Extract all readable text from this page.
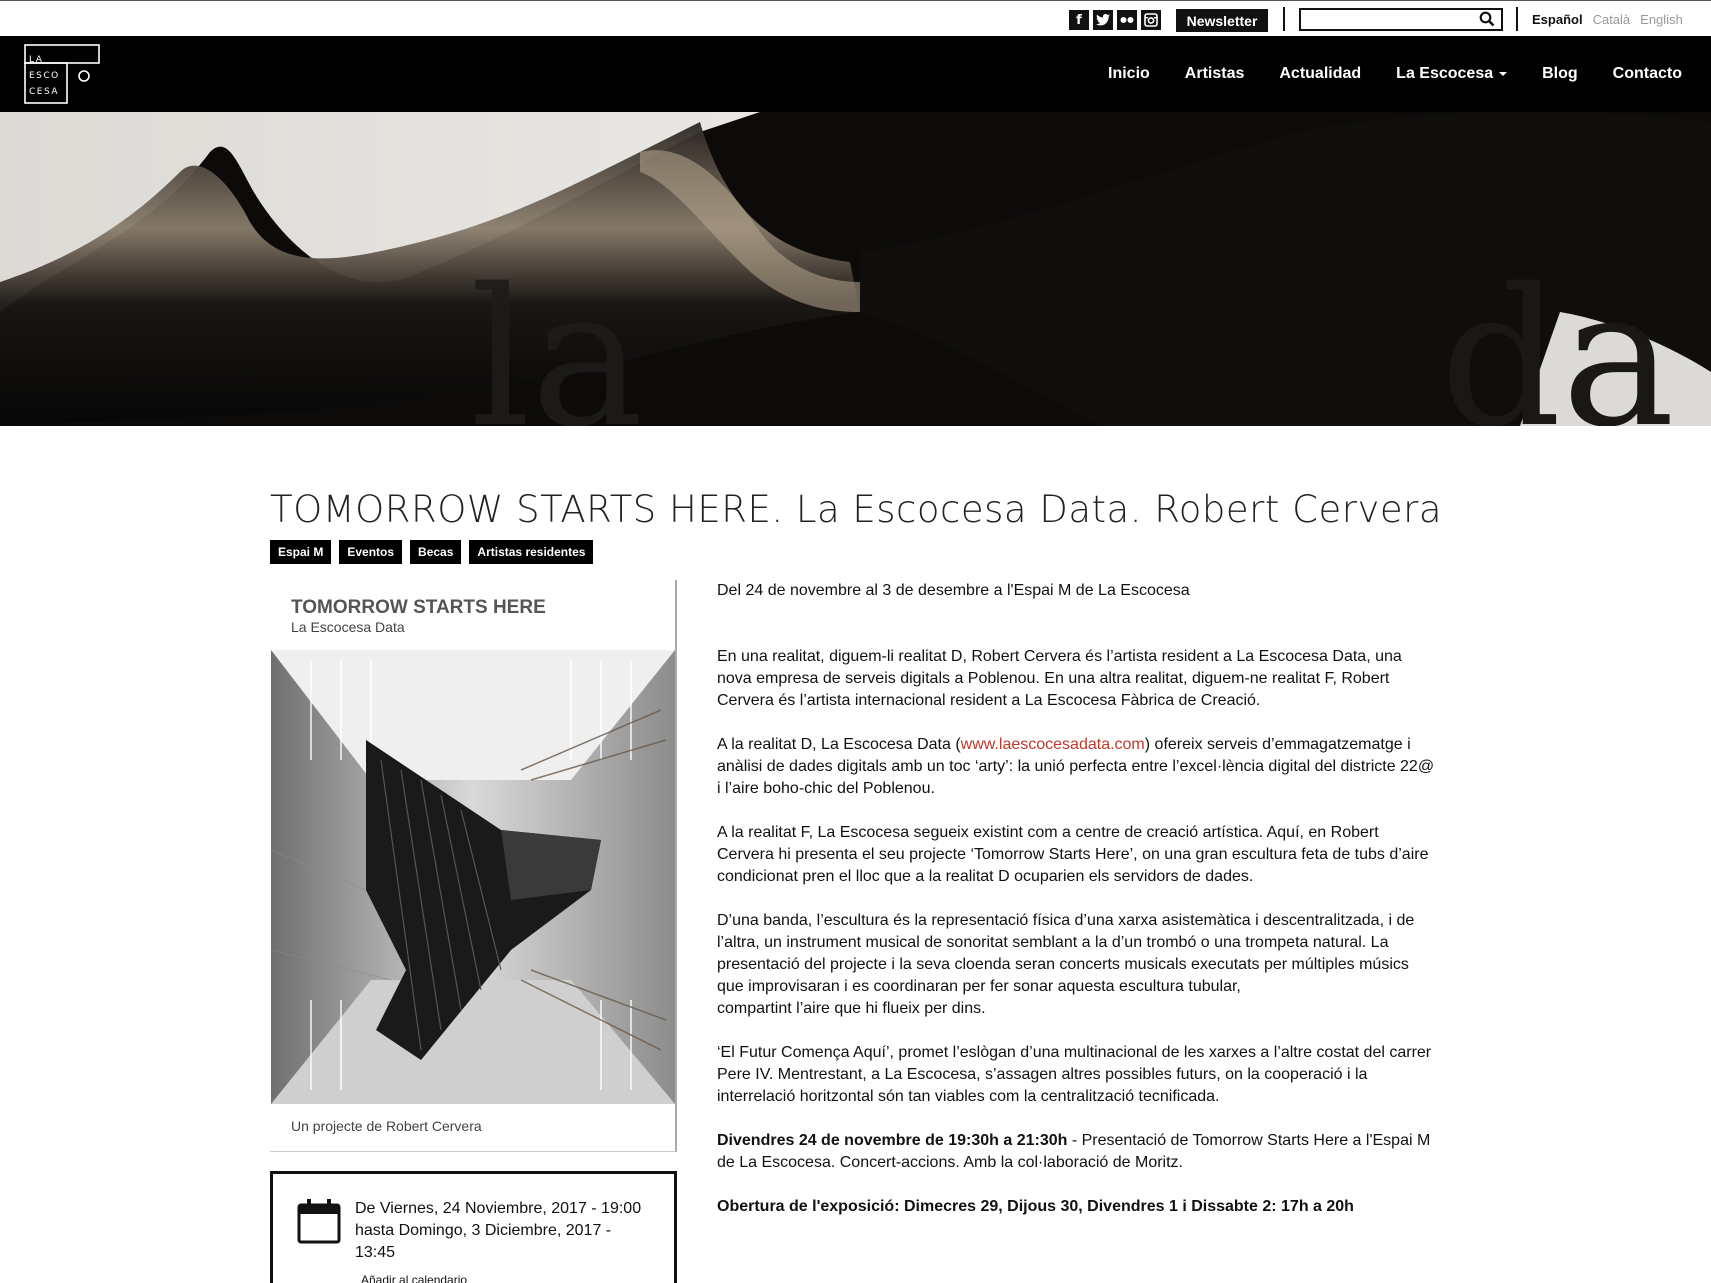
f	Newsletter	Español Català English
LA
ESCO
CESA
Inicio Artistas Actualidad La Escocesa	Blog Contacto
la	da
TOMORROW STARTS HERE. La Escocesa Data. Robert Cervera
Espai M	Eventos	Becas	Artistas residentes
TOMORROW STARTS HERE
La Escocesa Data
Un projecte de Robert Cervera
De Viernes, 24 Noviembre, 2017 - 19:00 hasta Domingo, 3 Diciembre, 2017 - 13:45
Añadir al calendario

Del 24 de novembre al 3 de desembre a l'Espai M de La Escocesa

En una realitat, diguem-li realitat D, Robert Cervera és l’artista resident a La Escocesa Data, una nova empresa de serveis digitals a Poblenou. En una altra realitat, diguem-ne realitat F, Robert Cervera és l’artista internacional resident a La Escocesa Fàbrica de Creació.

A la realitat D, La Escocesa Data (www.laescocesadata.com) ofereix serveis d’emmagatzematge i anàlisi de dades digitals amb un toc ‘arty’: la unió perfecta entre l’excel·lència digital del districte 22@ i l’aire boho-chic del Poblenou.

A la realitat F, La Escocesa segueix existint com a centre de creació artística. Aquí, en Robert Cervera hi presenta el seu projecte ‘Tomorrow Starts Here’, on una gran escultura feta de tubs d’aire condicionat pren el lloc que a la realitat D ocuparien els servidors de dades.

D’una banda, l’escultura és la representació física d’una xarxa asistemàtica i descentralitzada, i de l’altra, un instrument musical de sonoritat semblant a la d’un trombó o una trompeta natural. La presentació del projecte i la seva cloenda seran concerts musicals executats per múltiples músics que improvisaran i es coordinaran per fer sonar aquesta escultura tubular,
compartint l’aire que hi flueix per dins.

‘El Futur Comença Aquí’, promet l’eslògan d’una multinacional de les xarxes a l’altre costat del carrer Pere IV. Mentrestant, a La Escocesa, s’assagen altres possibles futurs, on la cooperació i la interrelació horitzontal són tan viables com la centralització tecnificada.

Divendres 24 de novembre de 19:30h a 21:30h - Presentació de Tomorrow Starts Here a l'Espai M de La Escocesa. Concert-accions. Amb la col·laboració de Moritz.

Obertura de l'exposició: Dimecres 29, Dijous 30, Divendres 1 i Dissabte 2: 17h a 20h
